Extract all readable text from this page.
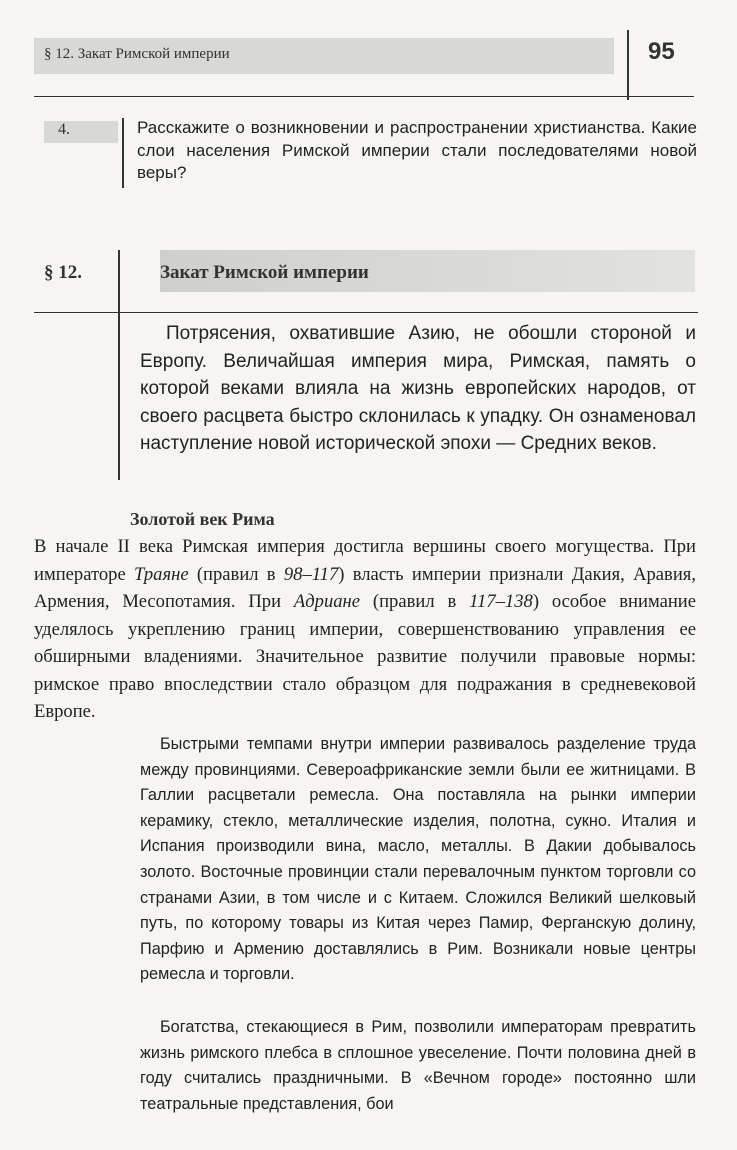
§ 12. Закат Римской империи	95
4.	Расскажите о возникновении и распространении христианства. Какие слои населения Римской империи стали последователями новой веры?
§ 12.	Закат Римской империи
Потрясения, охватившие Азию, не обошли стороной и Европу. Величайшая империя мира, Римская, память о которой веками влияла на жизнь европейских народов, от своего расцвета быстро склонилась к упадку. Он ознаменовал наступление новой исторической эпохи — Средних веков.
Золотой век Рима
В начале II века Римская империя достигла вершины своего могущества. При императоре Траяне (правил в 98–117) власть империи признали Дакия, Аравия, Армения, Месопотамия. При Адриане (правил в 117–138) особое внимание уделялось укреплению границ империи, совершенствованию управления ее обширными владениями. Значительное развитие получили правовые нормы: римское право впоследствии стало образцом для подражания в средневековой Европе.
Быстрыми темпами внутри империи развивалось разделение труда между провинциями. Североафриканские земли были ее житницами. В Галлии расцветали ремесла. Она поставляла на рынки империи керамику, стекло, металлические изделия, полотна, сукно. Италия и Испания производили вина, масло, металлы. В Дакии добывалось золото. Восточные провинции стали перевалочным пунктом торговли со странами Азии, в том числе и с Китаем. Сложился Великий шелковый путь, по которому товары из Китая через Памир, Ферганскую долину, Парфию и Армению доставлялись в Рим. Возникали новые центры ремесла и торговли.
Богатства, стекающиеся в Рим, позволили императорам превратить жизнь римского плебса в сплошное увеселение. Почти половина дней в году считались праздничными. В «Вечном городе» постоянно шли театральные представления, бои
